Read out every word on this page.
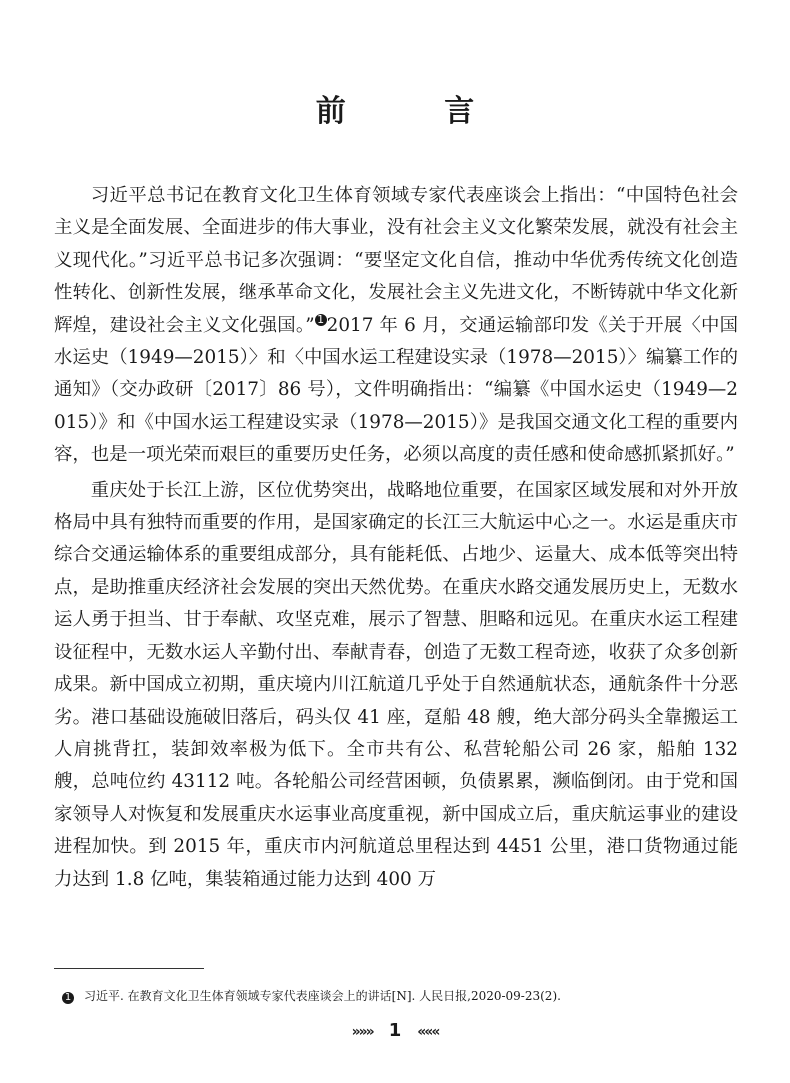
前 言

习近平总书记在教育文化卫生体育领域专家代表座谈会上指出：“中国特色社会主义是全面发展、全面进步的伟大事业，没有社会主义文化繁荣发展，就没有社会主义现代化。”习近平总书记多次强调：“要坚定文化自信，推动中华优秀传统文化创造性转化、创新性发展，继承革命文化，发展社会主义先进文化，不断铸就中华文化新辉煌，建设社会主义文化强国。” 1 2017 年 6 月，交通运输部印发《关于开展〈中国水运史（1949—2015）〉和〈中国水运工程建设实录（1978—2015）〉编纂工作的通知》（交办政研〔2017〕86 号），文件明确指出：“编纂《中国水运史（1949—2015）》和《中国水运工程建设实录（1978—2015）》是我国交通文化工程的重要内容，也是一项光荣而艰巨的重要历史任务，必须以高度的责任感和使命感抓紧抓好。”

重庆处于长江上游，区位优势突出，战略地位重要，在国家区域发展和对外开放格局中具有独特而重要的作用，是国家确定的长江三大航运中心之一。水运是重庆市综合交通运输体系的重要组成部分，具有能耗低、占地少、运量大、成本低等突出特点，是助推重庆经济社会发展的突出天然优势。在重庆水路交通发展历史上，无数水运人勇于担当、甘于奉献、攻坚克难，展示了智慧、胆略和远见。在重庆水运工程建设征程中，无数水运人辛勤付出、奉献青春，创造了无数工程奇迹，收获了众多创新成果。新中国成立初期，重庆境内川江航道几乎处于自然通航状态，通航条件十分恶劣。港口基础设施破旧落后，码头仅 41 座，趸船 48 艘，绝大部分码头全靠搬运工人肩挑背扛，装卸效率极为低下。全市共有公、私营轮船公司 26 家，船舶 132 艘，总吨位约 43112 吨。各轮船公司经营困顿，负债累累，濒临倒闭。由于党和国家领导人对恢复和发展重庆水运事业高度重视，新中国成立后，重庆航运事业的建设进程加快。到 2015 年，重庆市内河航道总里程达到 4451 公里，港口货物通过能力达到 1.8 亿吨，集装箱通过能力达到 400 万

1 习近平. 在教育文化卫生体育领域专家代表座谈会上的讲话[N]. 人民日报,2020-09-23(2).
»»» 1 «««
